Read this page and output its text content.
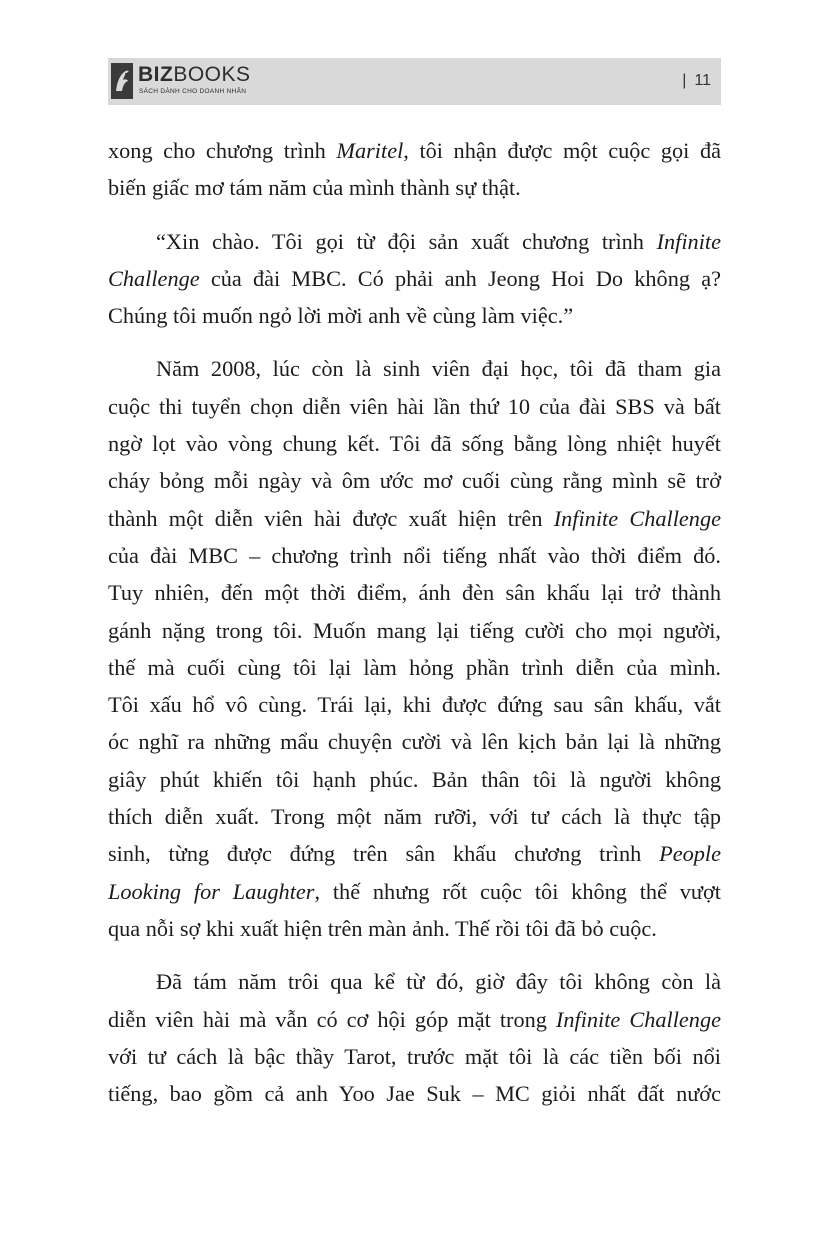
BIZBOOKS
SÁCH DÀNH CHO DOANH NHÂN
| 11

xong cho chương trình Maritel, tôi nhận được một cuộc gọi đã
biến giấc mơ tám năm của mình thành sự thật.

“Xin chào. Tôi gọi từ đội sản xuất chương trình Infinite
Challenge của đài MBC. Có phải anh Jeong Hoi Do không ạ?
Chúng tôi muốn ngỏ lời mời anh về cùng làm việc.”

Năm 2008, lúc còn là sinh viên đại học, tôi đã tham gia
cuộc thi tuyển chọn diễn viên hài lần thứ 10 của đài SBS và bất
ngờ lọt vào vòng chung kết. Tôi đã sống bằng lòng nhiệt huyết
cháy bỏng mỗi ngày và ôm ước mơ cuối cùng rằng mình sẽ trở
thành một diễn viên hài được xuất hiện trên Infinite Challenge
của đài MBC – chương trình nổi tiếng nhất vào thời điểm đó.
Tuy nhiên, đến một thời điểm, ánh đèn sân khấu lại trở thành
gánh nặng trong tôi. Muốn mang lại tiếng cười cho mọi người,
thế mà cuối cùng tôi lại làm hỏng phần trình diễn của mình.
Tôi xấu hổ vô cùng. Trái lại, khi được đứng sau sân khấu, vắt
óc nghĩ ra những mẩu chuyện cười và lên kịch bản lại là những
giây phút khiến tôi hạnh phúc. Bản thân tôi là người không
thích diễn xuất. Trong một năm rưỡi, với tư cách là thực tập
sinh, từng được đứng trên sân khấu chương trình People
Looking for Laughter, thế nhưng rốt cuộc tôi không thể vượt
qua nỗi sợ khi xuất hiện trên màn ảnh. Thế rồi tôi đã bỏ cuộc.

Đã tám năm trôi qua kể từ đó, giờ đây tôi không còn là
diễn viên hài mà vẫn có cơ hội góp mặt trong Infinite Challenge
với tư cách là bậc thầy Tarot, trước mặt tôi là các tiền bối nổi
tiếng, bao gồm cả anh Yoo Jae Suk – MC giỏi nhất đất nước
